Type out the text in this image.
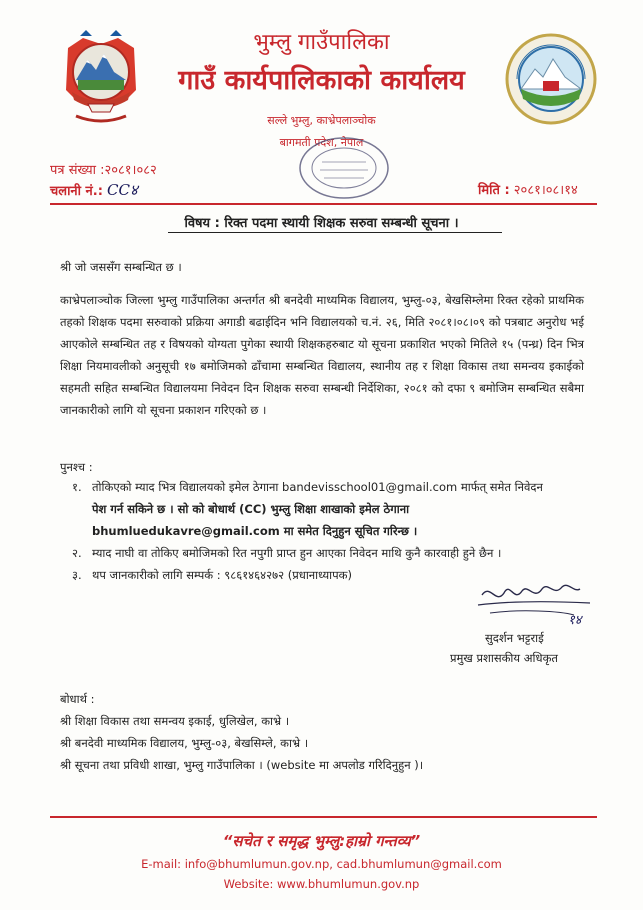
भुम्लु गाउँपालिका
गाउँ कार्यपालिकाको कार्यालय
सल्ले भुम्लु, काभ्रेपलाञ्चोक
बागमती प्रदेश, नेपाल
पत्र संख्या :२०८१।०८२
चलानी नं.: CC४	मिति : २०८१।०८।१४
विषय : रिक्त पदमा स्थायी शिक्षक सरुवा सम्बन्धी सूचना ।
श्री जो जससँग सम्बन्धित छ ।
काभ्रेपलाञ्चोक जिल्ला भुम्लु गाउँपालिका अन्तर्गत श्री बनदेवी माध्यमिक विद्यालय, भुम्लु-०३, बेखसिम्लेमा रिक्त रहेको प्राथमिक तहको शिक्षक पदमा सरुवाको प्रक्रिया अगाडी बढाईदिन भनि विद्यालयको च.नं. २६, मिति २०८१।०८।०९ को पत्रबाट अनुरोध भई आएकोले सम्बन्धित तह र विषयको योग्यता पुगेका स्थायी शिक्षकहरुबाट यो सूचना प्रकाशित भएको मितिले १५ (पन्ध्र) दिन भित्र शिक्षा नियमावलीको अनुसूची १७ बमोजिमको ढाँचामा सम्बन्धित विद्यालय, स्थानीय तह र शिक्षा विकास तथा समन्वय इकाईको सहमती सहित सम्बन्धित विद्यालयमा निवेदन दिन शिक्षक सरुवा सम्बन्धी निर्देशिका, २०८१ को दफा ९ बमोजिम सम्बन्धित सबैमा जानकारीको लागि यो सूचना प्रकाशन गरिएको छ ।
पुनश्च :
१. तोकिएको म्याद भित्र विद्यालयको इमेल ठेगाना bandevisschool01@gmail.com मार्फत् समेत निवेदन
पेश गर्न सकिने छ । सो को बोधार्थ (CC) भुम्लु शिक्षा शाखाको इमेल ठेगाना
bhumluedukavre@gmail.com मा समेत दिनुहुन सूचित गरिन्छ ।
२. म्याद नाघी वा तोकिए बमोजिमको रित नपुगी प्राप्त हुन आएका निवेदन माथि कुनै कारवाही हुने छैन ।
३. थप जानकारीको लागि सम्पर्क : ९८६१४६४२७२ (प्रधानाध्यापक)
१४
सुदर्शन भट्टराई
प्रमुख प्रशासकीय अधिकृत
बोधार्थ :
श्री शिक्षा विकास तथा समन्वय इकाई, धुलिखेल, काभ्रे ।
श्री बनदेवी माध्यमिक विद्यालय, भुम्लु-०३, बेखसिम्ले, काभ्रे ।
श्री सूचना तथा प्रविधी शाखा, भुम्लु गाउँपालिका । (website मा अपलोड गरिदिनुहुन )।
“सचेत र समृद्ध भुम्लु:हाम्रो गन्तव्य”
E-mail: info@bhumlumun.gov.np, cad.bhumlumun@gmail.com
Website: www.bhumlumun.gov.np
